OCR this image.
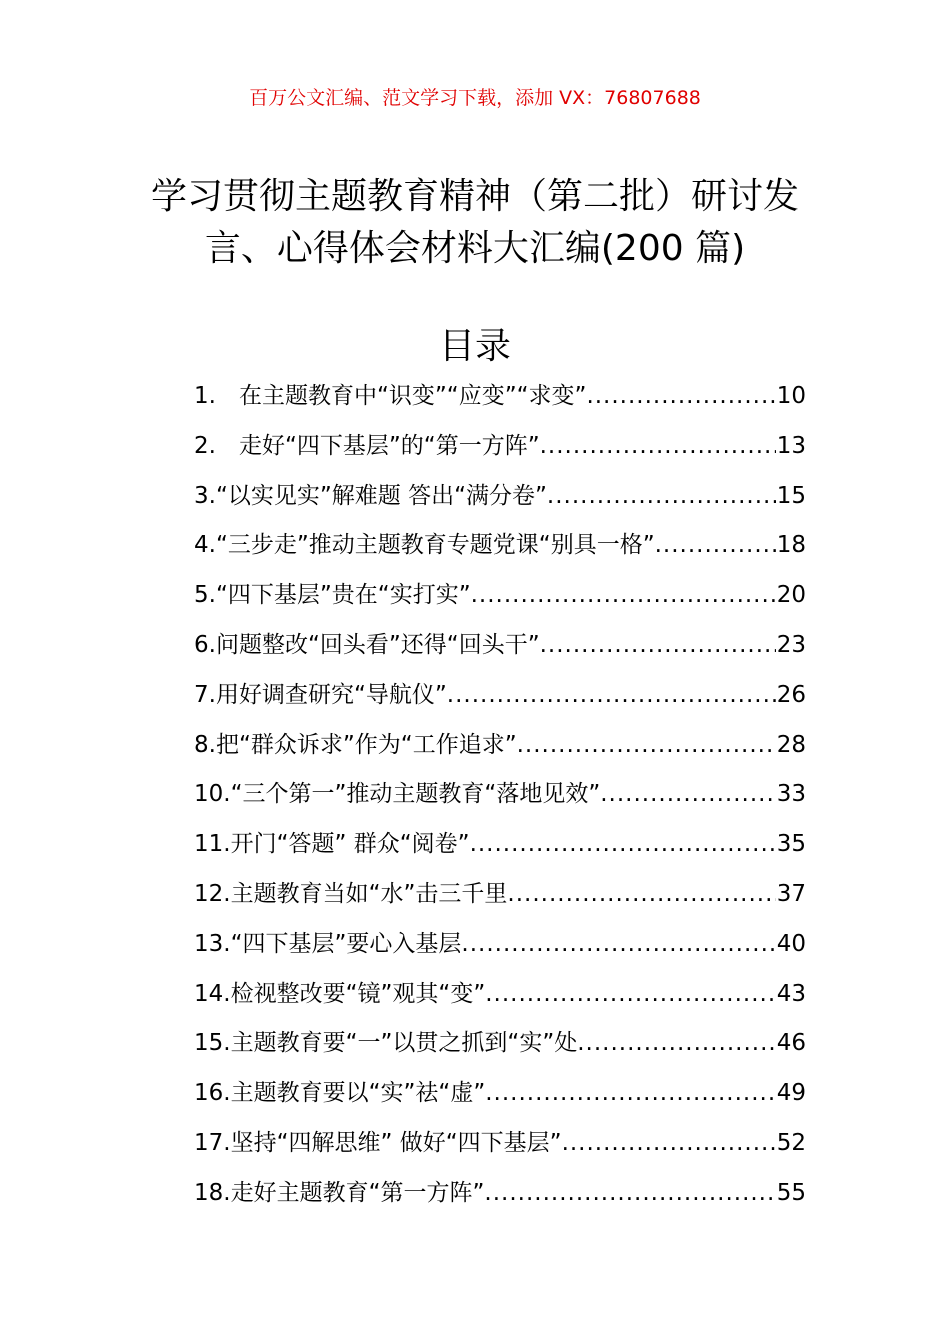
百万公文汇编、范文学习下载，添加 VX：76807688
学习贯彻主题教育精神（第二批）研讨发
言、心得体会材料大汇编(200 篇)
目录
1.　在主题教育中“识变”“应变”“求变” .....	10
2.　走好“四下基层”的“第一方阵” .....	13
3.“以实见实”解难题 答出“满分卷” .....	15
4.“三步走”推动主题教育专题党课“别具一格” .....	18
5.“四下基层”贵在“实打实” .....	20
6.问题整改“回头看”还得“回头干” .....	23
7.用好调查研究“导航仪” .....	26
8.把“群众诉求”作为“工作追求” .....	28
10.“三个第一”推动主题教育“落地见效” .....	33
11.开门“答题” 群众“阅卷” .....	35
12.主题教育当如“水”击三千里 .....	37
13.“四下基层”要心入基层 .....	40
14.检视整改要“镜”观其“变” .....	43
15.主题教育要“一”以贯之抓到“实”处 .....	46
16.主题教育要以“实”祛“虚” .....	49
17.坚持“四解思维” 做好“四下基层” .....	52
18.走好主题教育“第一方阵” .....	55
